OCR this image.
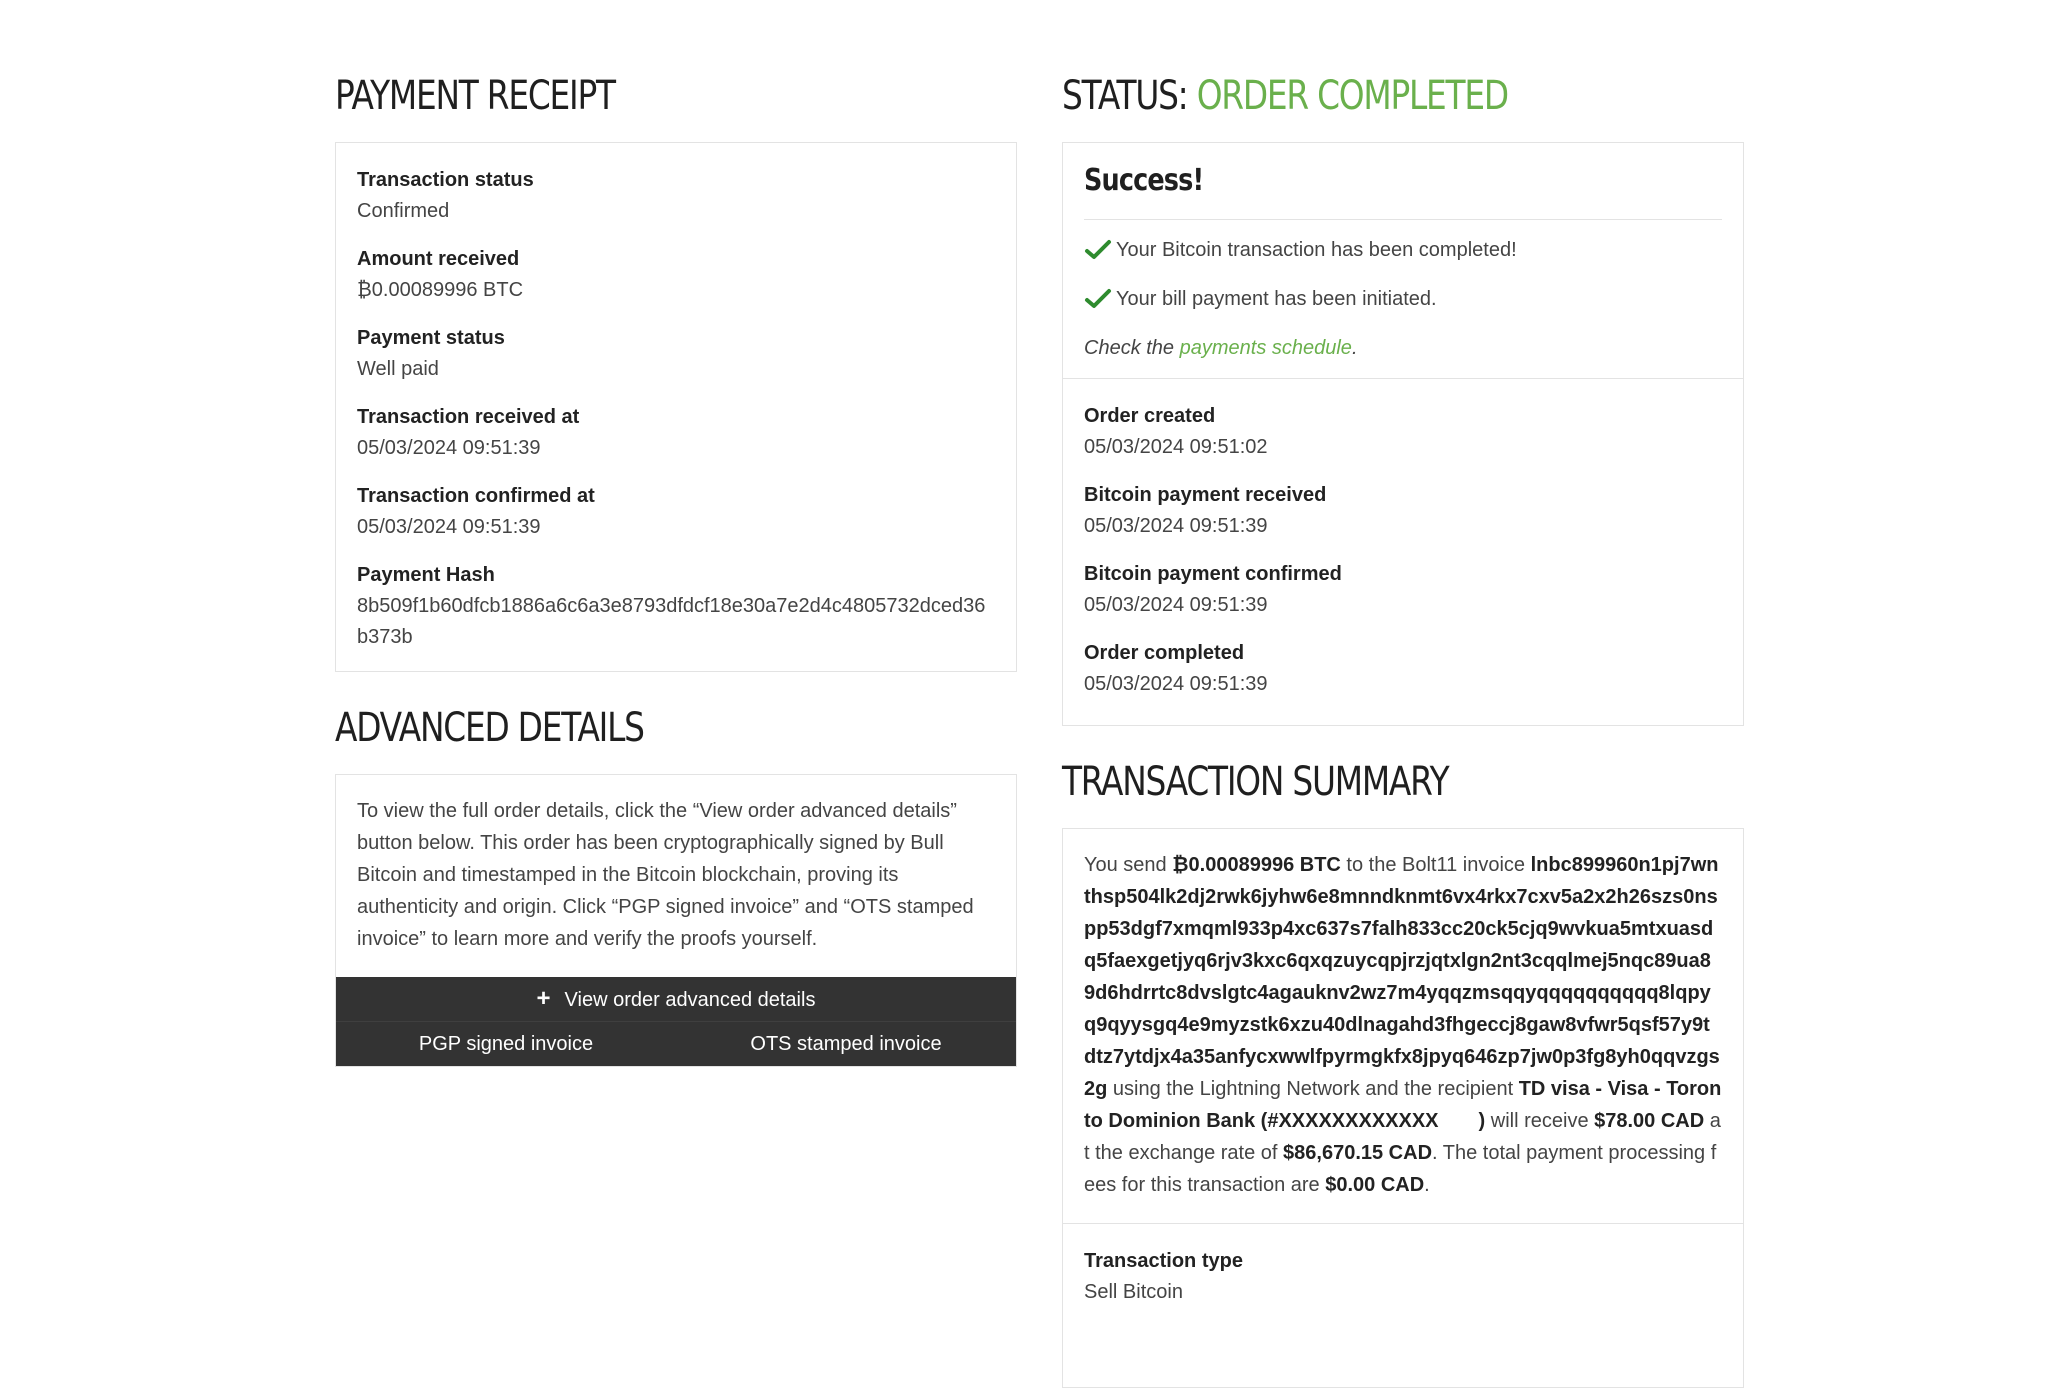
PAYMENT RECEIPT
Transaction status
Confirmed
Amount received
₿0.00089996 BTC
Payment status
Well paid
Transaction received at
05/03/2024 09:51:39
Transaction confirmed at
05/03/2024 09:51:39
Payment Hash
8b509f1b60dfcb1886a6c6a3e8793dfdcf18e30a7e2d4c4805732dced36b373b
ADVANCED DETAILS
To view the full order details, click the “View order advanced details” button below. This order has been cryptographically signed by Bull Bitcoin and timestamped in the Bitcoin blockchain, proving its authenticity and origin. Click “PGP signed invoice” and “OTS stamped invoice” to learn more and verify the proofs yourself.
+ View order advanced details
PGP signed invoice	OTS stamped invoice
STATUS: ORDER COMPLETED
Success!
Your Bitcoin transaction has been completed!
Your bill payment has been initiated.
Check the payments schedule.
Order created
05/03/2024 09:51:02
Bitcoin payment received
05/03/2024 09:51:39
Bitcoin payment confirmed
05/03/2024 09:51:39
Order completed
05/03/2024 09:51:39
TRANSACTION SUMMARY
You send ₿0.00089996 BTC to the Bolt11 invoice lnbc899960n1pj7wnthsp504lk2dj2rwk6jyhw6e8mnndknmt6vx4rkx7cxv5a2x2h26szs0nspp53dgf7xmqml933p4xc637s7falh833cc20ck5cjq9wvkua5mtxuasdq5faexgetjyq6rjv3kxc6qxqzuycqpjrzjqtxlgn2nt3cqqlmej5nqc89ua89d6hdrrtc8dvslgtc4agauknv2wz7m4yqqzmsqqyqqqqqqqqqq8lqpyq9qyysgq4e9myzstk6xzu40dlnagahd3fhgeccj8gaw8vfwr5qsf57y9tdtz7ytdjx4a35anfycxwwlfpyrmgkfx8jpyq646zp7jw0p3fg8yh0qqvzgs2g using the Lightning Network and the recipient TD visa - Visa - Toronto Dominion Bank (#XXXXXXXXXXXX ) will receive $78.00 CAD at the exchange rate of $86,670.15 CAD. The total payment processing fees for this transaction are $0.00 CAD.
Transaction type
Sell Bitcoin
